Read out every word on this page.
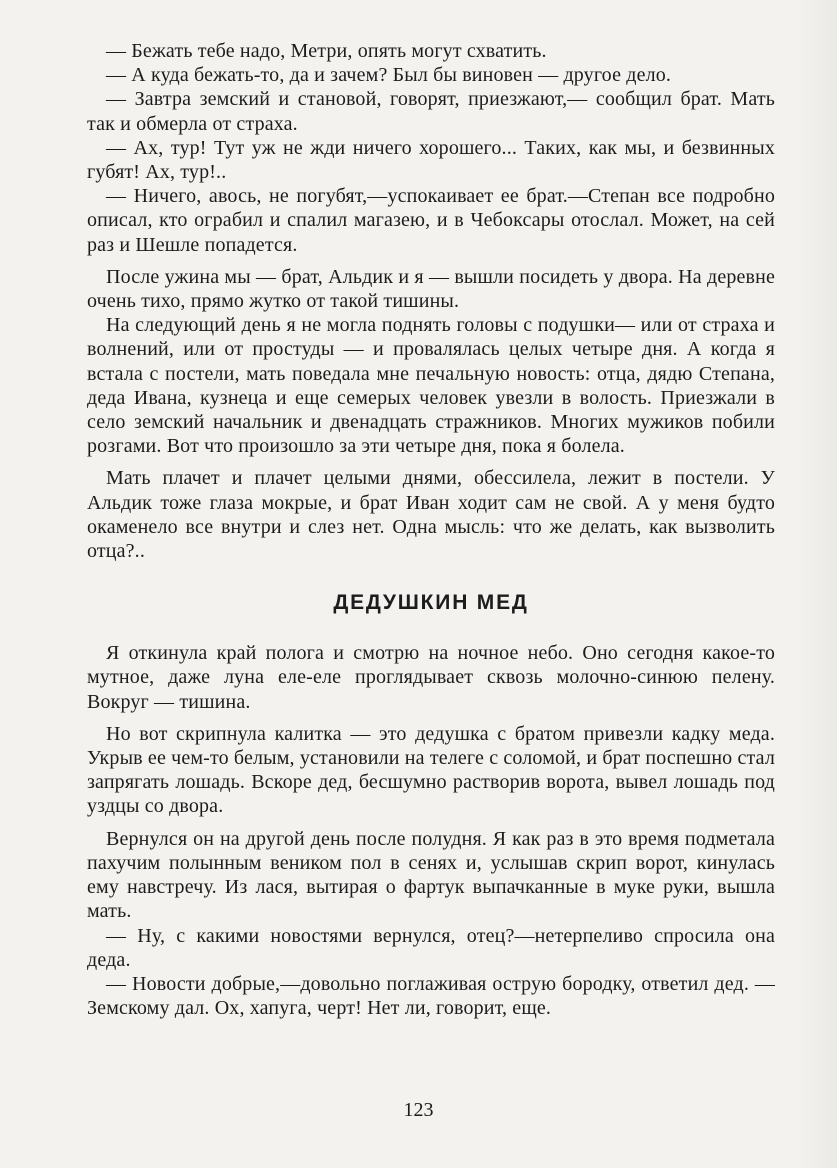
— Бежать тебе надо, Метри, опять могут схватить.

— А куда бежать-то, да и зачем? Был бы виновен — другое дело.

— Завтра земский и становой, говорят, приезжают,— сообщил брат. Мать так и обмерла от страха.

— Ах, тур! Тут уж не жди ничего хорошего... Таких, как мы, и безвинных губят! Ах, тур!..

— Ничего, авось, не погубят,—успокаивает ее брат.—Степан все подробно описал, кто ограбил и спалил магазею, и в Чебоксары отослал. Может, на сей раз и Шешле попадется.

После ужина мы — брат, Альдик и я — вышли посидеть у двора. На деревне очень тихо, прямо жутко от такой тишины.

На следующий день я не могла поднять головы с подушки— или от страха и волнений, или от простуды — и провалялась целых четыре дня. А когда я встала с постели, мать поведала мне печальную новость: отца, дядю Степана, деда Ивана, кузнеца и еще семерых человек увезли в волость. Приезжали в село земский начальник и двенадцать стражников. Многих мужиков побили розгами. Вот что произошло за эти четыре дня, пока я болела.

Мать плачет и плачет целыми днями, обессилела, лежит в постели. У Альдик тоже глаза мокрые, и брат Иван ходит сам не свой. А у меня будто окаменело все внутри и слез нет. Одна мысль: что же делать, как вызволить отца?..

ДЕДУШКИН МЕД

Я откинула край полога и смотрю на ночное небо. Оно сегодня какое-то мутное, даже луна еле-еле проглядывает сквозь молочно-синюю пелену. Вокруг — тишина.

Но вот скрипнула калитка — это дедушка с братом привезли кадку меда. Укрыв ее чем-то белым, установили на телеге с соломой, и брат поспешно стал запрягать лошадь. Вскоре дед, бесшумно растворив ворота, вывел лошадь под уздцы со двора.

Вернулся он на другой день после полудня. Я как раз в это время подметала пахучим полынным веником пол в сенях и, услышав скрип ворот, кинулась ему навстречу. Из лася, вытирая о фартук выпачканные в муке руки, вышла мать.

— Ну, с какими новостями вернулся, отец?—нетерпеливо спросила она деда.

— Новости добрые,—довольно поглаживая острую бородку, ответил дед. — Земскому дал. Ох, хапуга, черт! Нет ли, говорит, еще.

123
